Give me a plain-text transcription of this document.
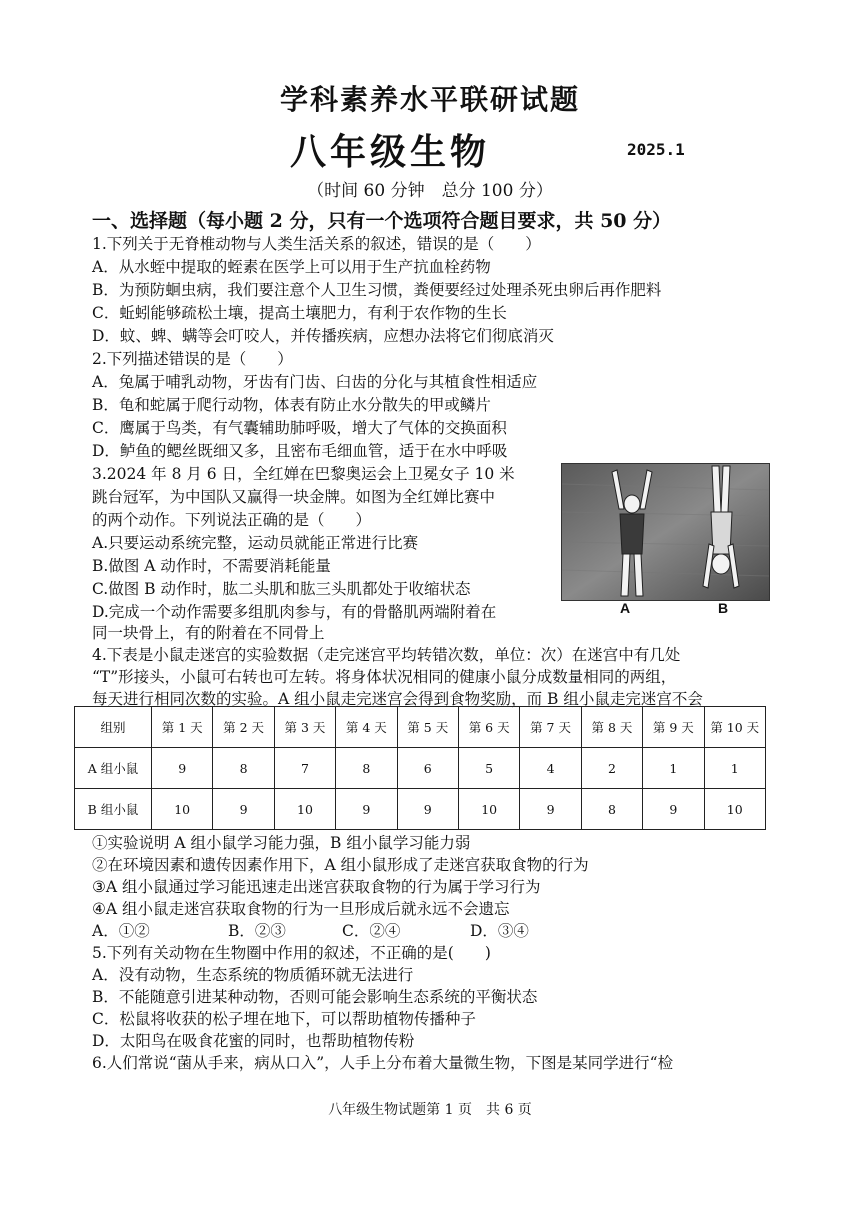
学科素养水平联研试题
八年级生物	2025.1
（时间 60 分钟　总分 100 分）
一、选择题（每小题 2 分，只有一个选项符合题目要求，共 50 分）
1.下列关于无脊椎动物与人类生活关系的叙述，错误的是（　　）
A．从水蛭中提取的蛭素在医学上可以用于生产抗血栓药物
B．为预防蛔虫病，我们要注意个人卫生习惯，粪便要经过处理杀死虫卵后再作肥料
C．蚯蚓能够疏松土壤，提高土壤肥力，有利于农作物的生长
D．蚊、蜱、螨等会叮咬人，并传播疾病，应想办法将它们彻底消灭
2.下列描述错误的是（　　）
A．兔属于哺乳动物，牙齿有门齿、臼齿的分化与其植食性相适应
B．龟和蛇属于爬行动物，体表有防止水分散失的甲或鳞片
C．鹰属于鸟类，有气囊辅助肺呼吸，增大了气体的交换面积
D．鲈鱼的鳃丝既细又多，且密布毛细血管，适于在水中呼吸
3.2024 年 8 月 6 日，全红婵在巴黎奥运会上卫冕女子 10 米
跳台冠军，为中国队又赢得一块金牌。如图为全红婵比赛中
的两个动作。下列说法正确的是（　　）
A.只要运动系统完整，运动员就能正常进行比赛
B.做图 A 动作时，不需要消耗能量
C.做图 B 动作时，肱二头肌和肱三头肌都处于收缩状态
D.完成一个动作需要多组肌肉参与，有的骨骼肌两端附着在
同一块骨上，有的附着在不同骨上
A	B
4.下表是小鼠走迷宫的实验数据（走完迷宫平均转错次数，单位：次）在迷宫中有几处
“T”形接头，小鼠可右转也可左转。将身体状况相同的健康小鼠分成数量相同的两组，
每天进行相同次数的实验。A 组小鼠走完迷宫会得到食物奖励，而 B 组小鼠走完迷宫不会
组别	第 1 天	第 2 天	第 3 天	第 4 天	第 5 天	第 6 天	第 7 天	第 8 天	第 9 天	第 10 天
A 组小鼠	9	8	7	8	6	5	4	2	1	1
B 组小鼠	10	9	10	9	9	10	9	8	9	10
①实验说明 A 组小鼠学习能力强，B 组小鼠学习能力弱
②在环境因素和遗传因素作用下，A 组小鼠形成了走迷宫获取食物的行为
③A 组小鼠通过学习能迅速走出迷宫获取食物的行为属于学习行为
④A 组小鼠走迷宫获取食物的行为一旦形成后就永远不会遗忘
A．①②	B．②③	C．②④	D．③④
5.下列有关动物在生物圈中作用的叙述，不正确的是(　　)
A．没有动物，生态系统的物质循环就无法进行
B．不能随意引进某种动物，否则可能会影响生态系统的平衡状态
C．松鼠将收获的松子埋在地下，可以帮助植物传播种子
D．太阳鸟在吸食花蜜的同时，也帮助植物传粉
6.人们常说“菌从手来，病从口入”，人手上分布着大量微生物，下图是某同学进行“检
八年级生物试题第 1 页　共 6 页
